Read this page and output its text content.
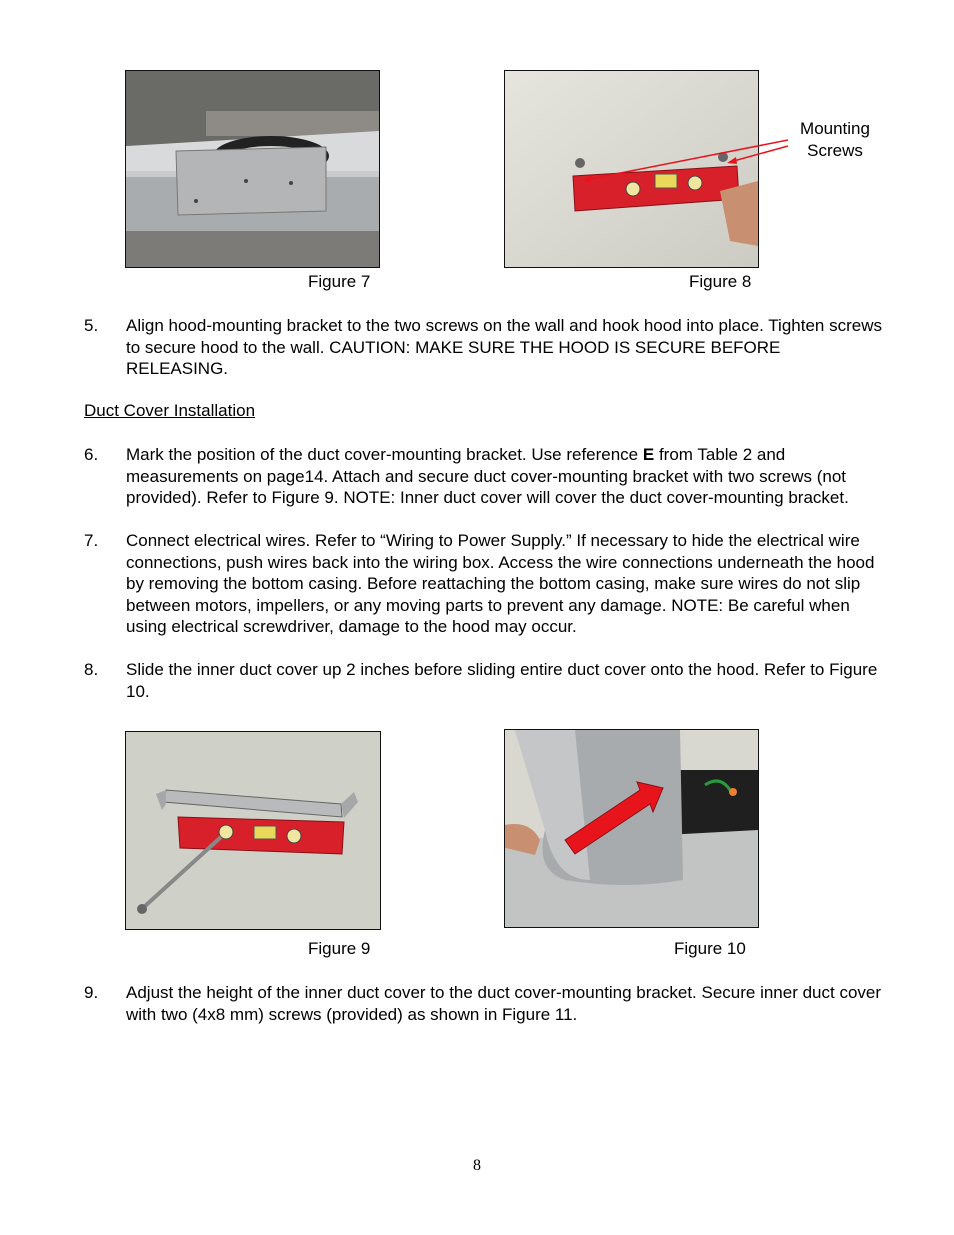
Figure 7
Mounting
Screws
Figure 8
5. Align hood-mounting bracket to the two screws on the wall and hook hood into place. Tighten screws to secure hood to the wall. CAUTION: MAKE SURE THE HOOD IS SECURE BEFORE RELEASING.
Duct Cover Installation
6. Mark the position of the duct cover-mounting bracket. Use reference E from Table 2 and measurements on page14. Attach and secure duct cover-mounting bracket with two screws (not provided). Refer to Figure 9. NOTE: Inner duct cover will cover the duct cover-mounting bracket.
7. Connect electrical wires. Refer to “Wiring to Power Supply.” If necessary to hide the electrical wire connections, push wires back into the wiring box. Access the wire connections underneath the hood by removing the bottom casing. Before reattaching the bottom casing, make sure wires do not slip between motors, impellers, or any moving parts to prevent any damage. NOTE: Be careful when using electrical screwdriver, damage to the hood may occur.
8. Slide the inner duct cover up 2 inches before sliding entire duct cover onto the hood. Refer to Figure 10.
Figure 9	Figure 10
9. Adjust the height of the inner duct cover to the duct cover-mounting bracket. Secure inner duct cover with two (4x8 mm) screws (provided) as shown in Figure 11.
8
